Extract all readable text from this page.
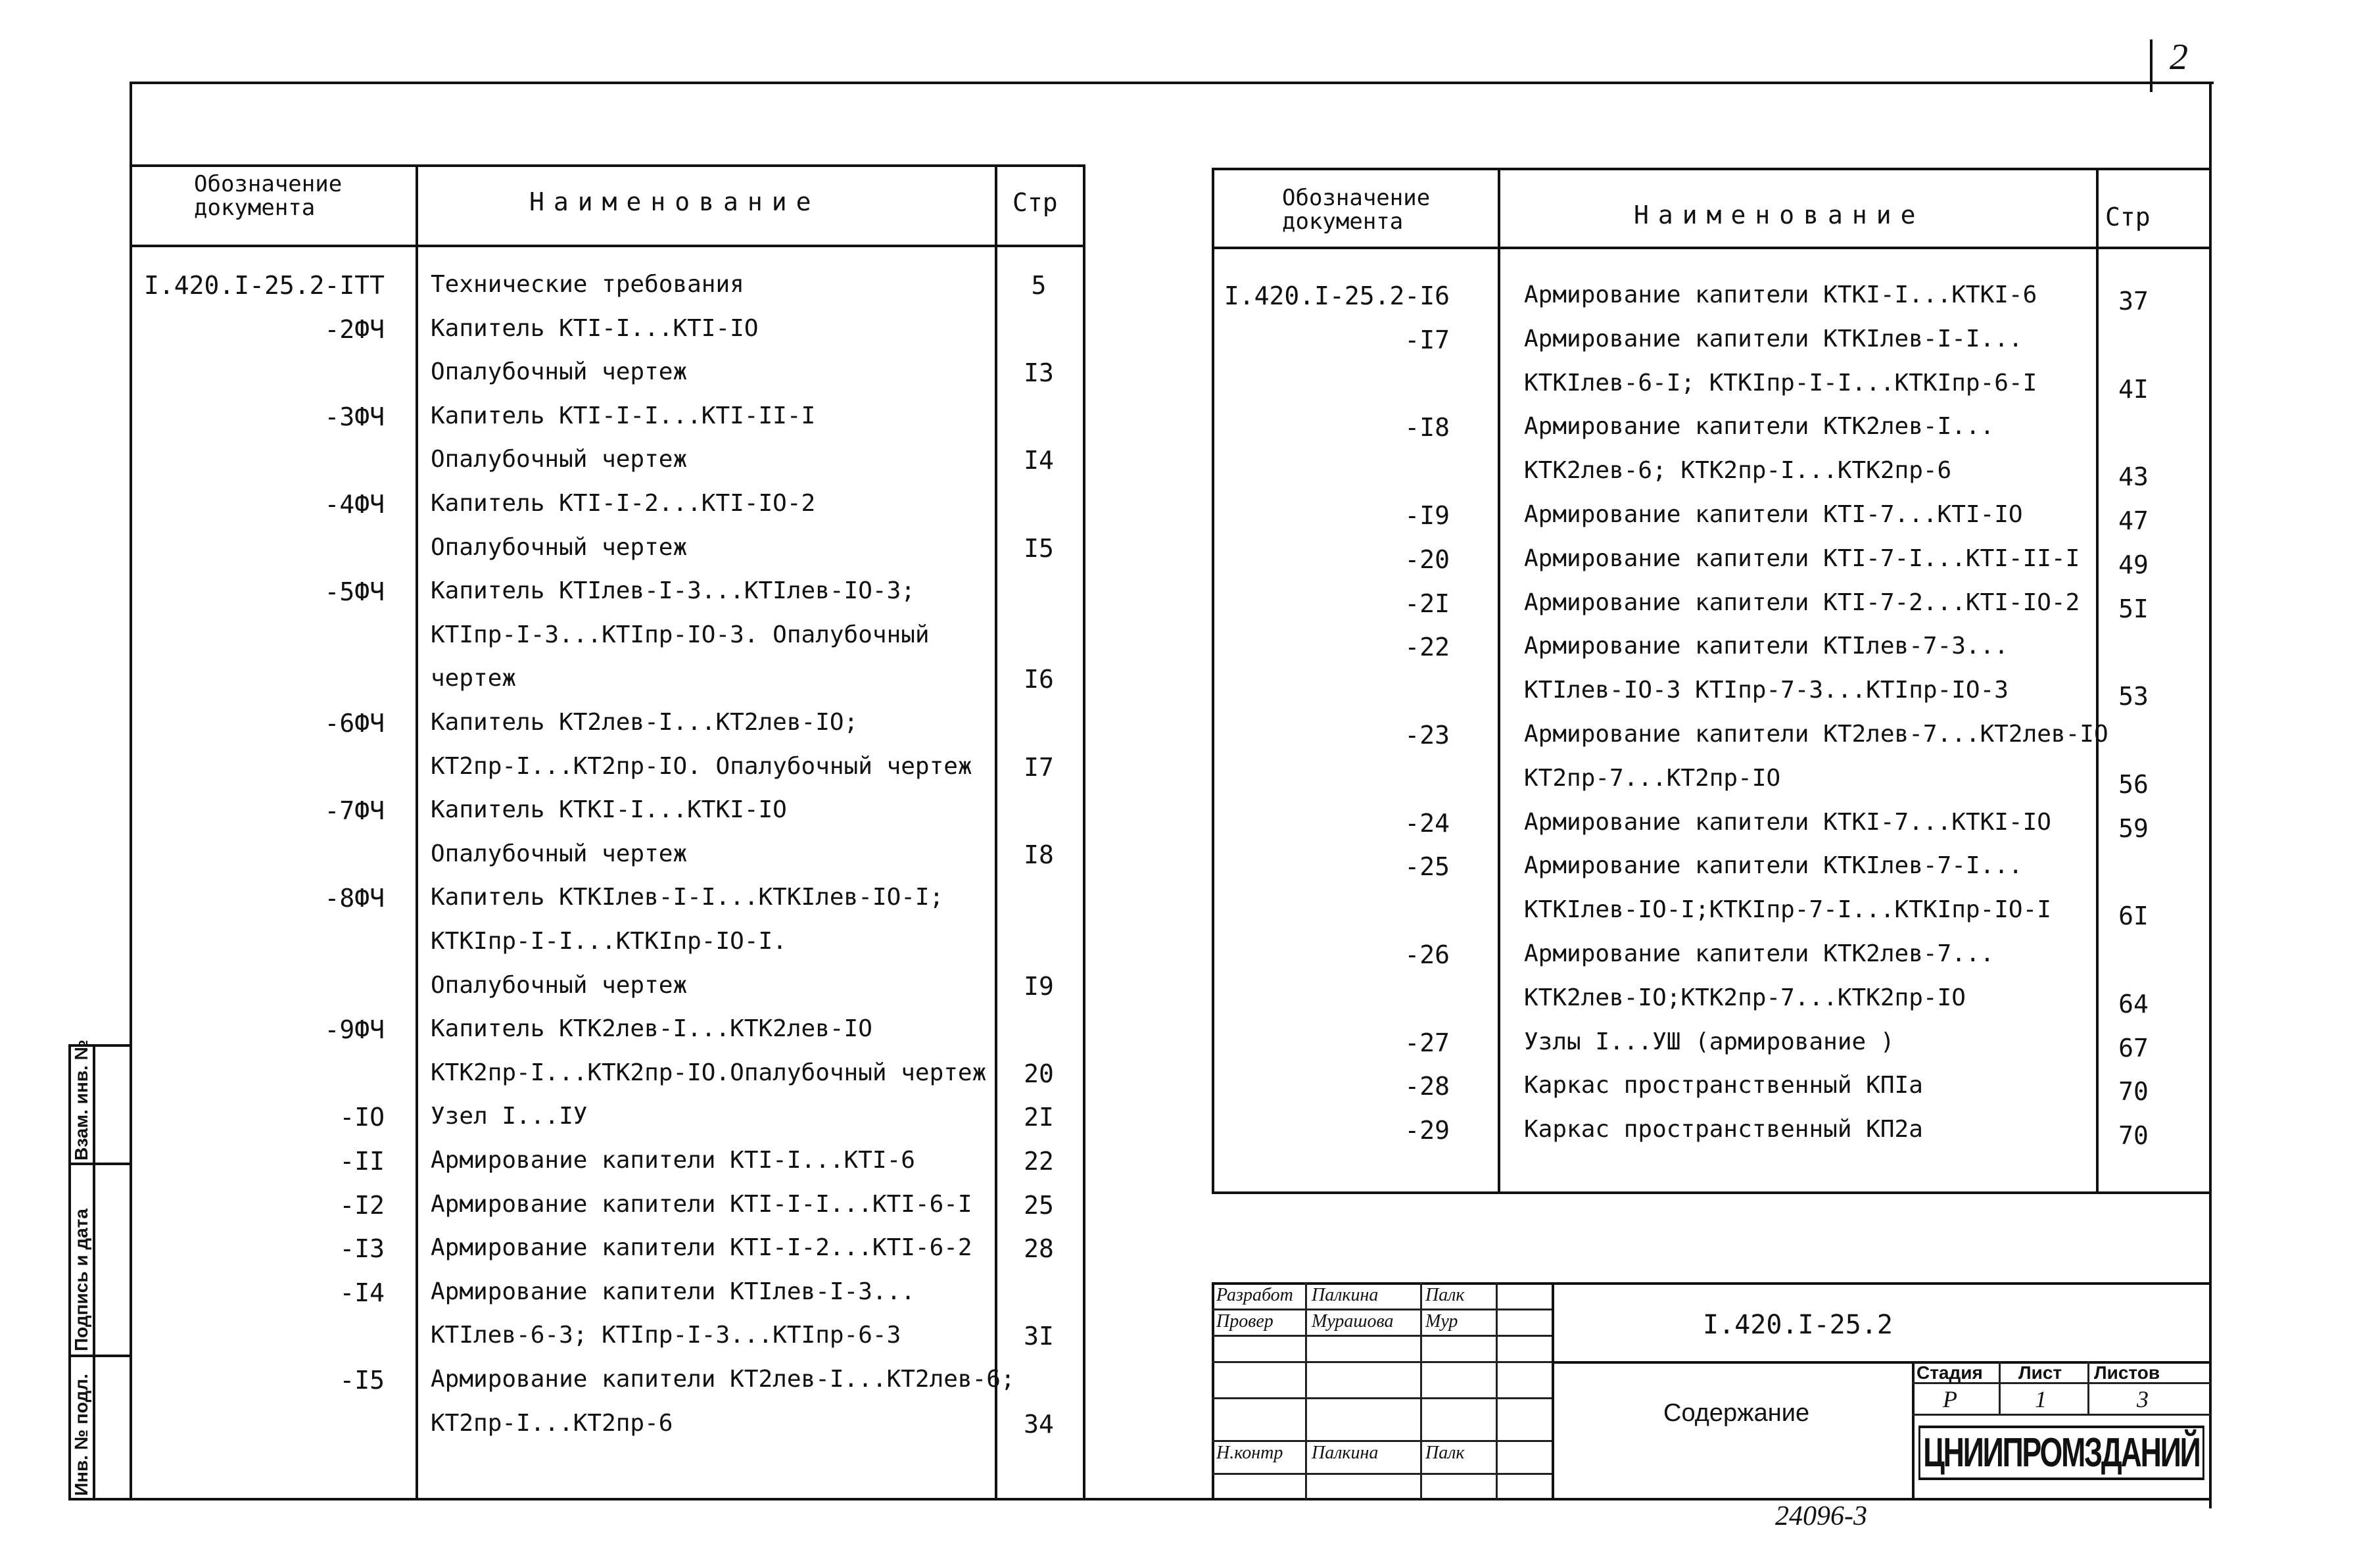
2
Обозначение
документа	Наименование	Стр
I.420.I-25.2-ITT Технические требования	5
-2ФЧ Капитель КТI-I...КТI-IO
Опалубочный чертеж	I3
-3ФЧ Капитель КТI-I-I...КТI-II-I
Опалубочный чертеж	I4
-4ФЧ Капитель КТI-I-2...КТI-IO-2
Опалубочный чертеж	I5
-5ФЧ Капитель КТIлев-I-3...КТIлев-IO-3;
КТIпр-I-3...КТIпр-IO-3. Опалубочный
чертеж	I6
-6ФЧ Капитель КТ2лев-I...КТ2лев-IO;
КТ2пр-I...КТ2пр-IO. Опалубочный чертеж	I7
-7ФЧ Капитель КТКI-I...КТКI-IO
Опалубочный чертеж	I8
-8ФЧ Капитель КТКIлев-I-I...КТКIлев-IO-I;
КТКIпр-I-I...КТКIпр-IO-I.
Опалубочный чертеж	I9
-9ФЧ Капитель КТК2лев-I...КТК2лев-IO
КТК2пр-I...КТК2пр-IO.Опалубочный чертеж	20
-IO Узел I...IУ	2I
-II Армирование капители КТI-I...КТI-6	22
-I2 Армирование капители КТI-I-I...КТI-6-I	25
-I3 Армирование капители КТI-I-2...КТI-6-2	28
-I4 Армирование капители КТIлев-I-3...
КТIлев-6-3; КТIпр-I-3...КТIпр-6-3	3I
-I5 Армирование капители КТ2лев-I...КТ2лев-6;
КТ2пр-I...КТ2пр-6	34
Взам. инв. №
Подпись и дата
Инв. № подл.
Обозначение
документа	Наименование	Стр
I.420.I-25.2-I6	Армирование капители КТКI-I...КТКI-6	37
-I7	Армирование капители КТКIлев-I-I...
КТКIлев-6-I; КТКIпр-I-I...КТКIпр-6-I	4I
-I8	Армирование капители КТК2лев-I...
КТК2лев-6; КТК2пр-I...КТК2пр-6	43
-I9	Армирование капители КТI-7...КТI-IO	47
-20	Армирование капители КТI-7-I...КТI-II-I	49
-2I	Армирование капители КТI-7-2...КТI-IO-2	5I
-22	Армирование капители КТIлев-7-3...
КТIлев-IO-3 КТIпр-7-3...КТIпр-IO-3	53
-23	Армирование капители КТ2лев-7...КТ2лев-IO
КТ2пр-7...КТ2пр-IO	56
-24	Армирование капители КТКI-7...КТКI-IO	59
-25	Армирование капители КТКIлев-7-I...
КТКIлев-IO-I;КТКIпр-7-I...КТКIпр-IO-I	6I
-26	Армирование капители КТК2лев-7...
КТК2лев-IO;КТК2пр-7...КТК2пр-IO	64
-27	Узлы I...УШ (армирование )	67
-28	Каркас пространственный КПIа	70
-29	Каркас пространственный КП2а	70
Разработ Палкина	Палк
Провер Мурашова Мур
Н.контр Палкина	Палк
I.420.I-25.2
Содержание
Стадия Лист Листов
Р	1	3
ЦНИИПРОМЗДАНИЙ
24096-3
